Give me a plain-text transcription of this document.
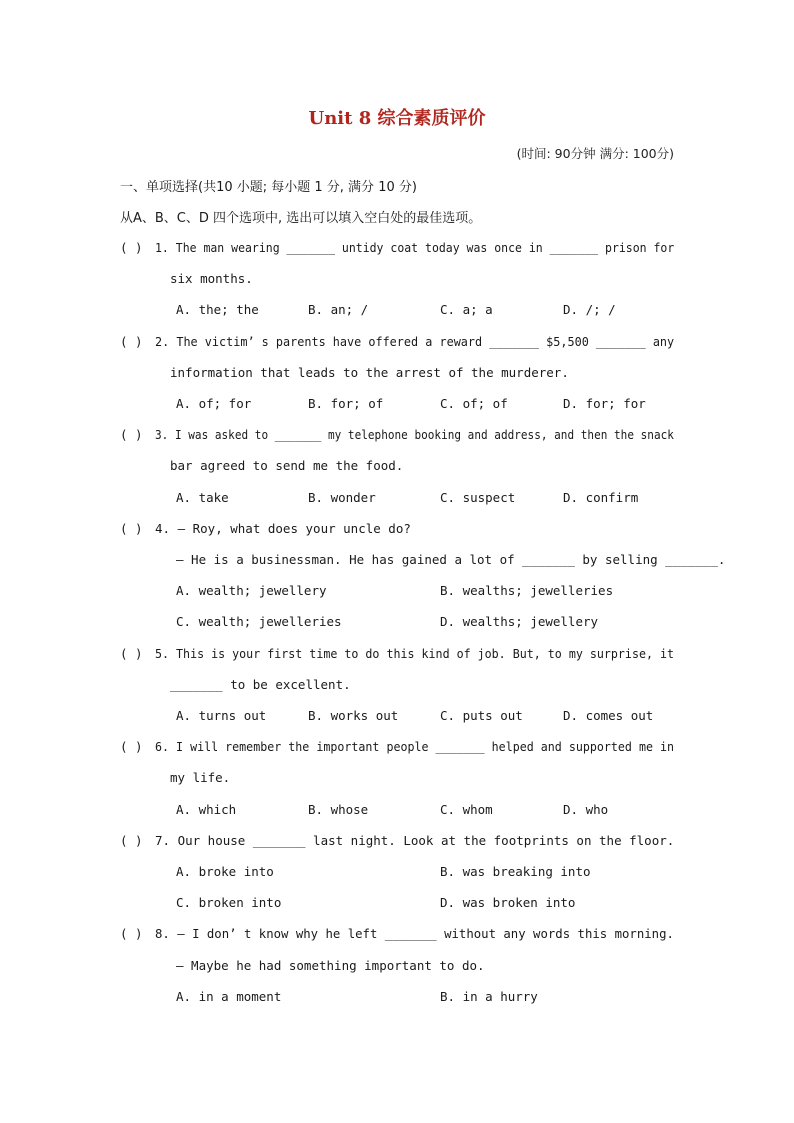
Unit 8 综合素质评价
(时间: 90分钟 满分: 100分)
一、单项选择(共10 小题; 每小题 1 分, 满分 10 分)
从A、B、C、D 四个选项中, 选出可以填入空白处的最佳选项。
( ) 1. The man wearing _______ untidy coat today was once in _______ prison for
six months.
A. the; the	B. an; /	C. a; a	D. /; /
( ) 2. The victim’ s parents have offered a reward _______ $5,500 _______ any
information that leads to the arrest of the murderer.
A. of; for	B. for; of	C. of; of	D. for; for
( ) 3. I was asked to _______ my telephone booking and address, and then the snack
bar agreed to send me the food.
A. take	B. wonder	C. suspect	D. confirm
( ) 4. — Roy, what does your uncle do?
— He is a businessman. He has gained a lot of _______ by selling _______.
A. wealth; jewellery	B. wealths; jewelleries
C. wealth; jewelleries	D. wealths; jewellery
( ) 5. This is your first time to do this kind of job. But, to my surprise, it
_______ to be excellent.
A. turns out	B. works out	C. puts out	D. comes out
( ) 6. I will remember the important people _______ helped and supported me in
my life.
A. which	B. whose	C. whom	D. who
( ) 7. Our house _______ last night. Look at the footprints on the floor.
A. broke into	B. was breaking into
C. broken into	D. was broken into
( ) 8. — I don’ t know why he left _______ without any words this morning.
— Maybe he had something important to do.
A. in a moment	B. in a hurry
